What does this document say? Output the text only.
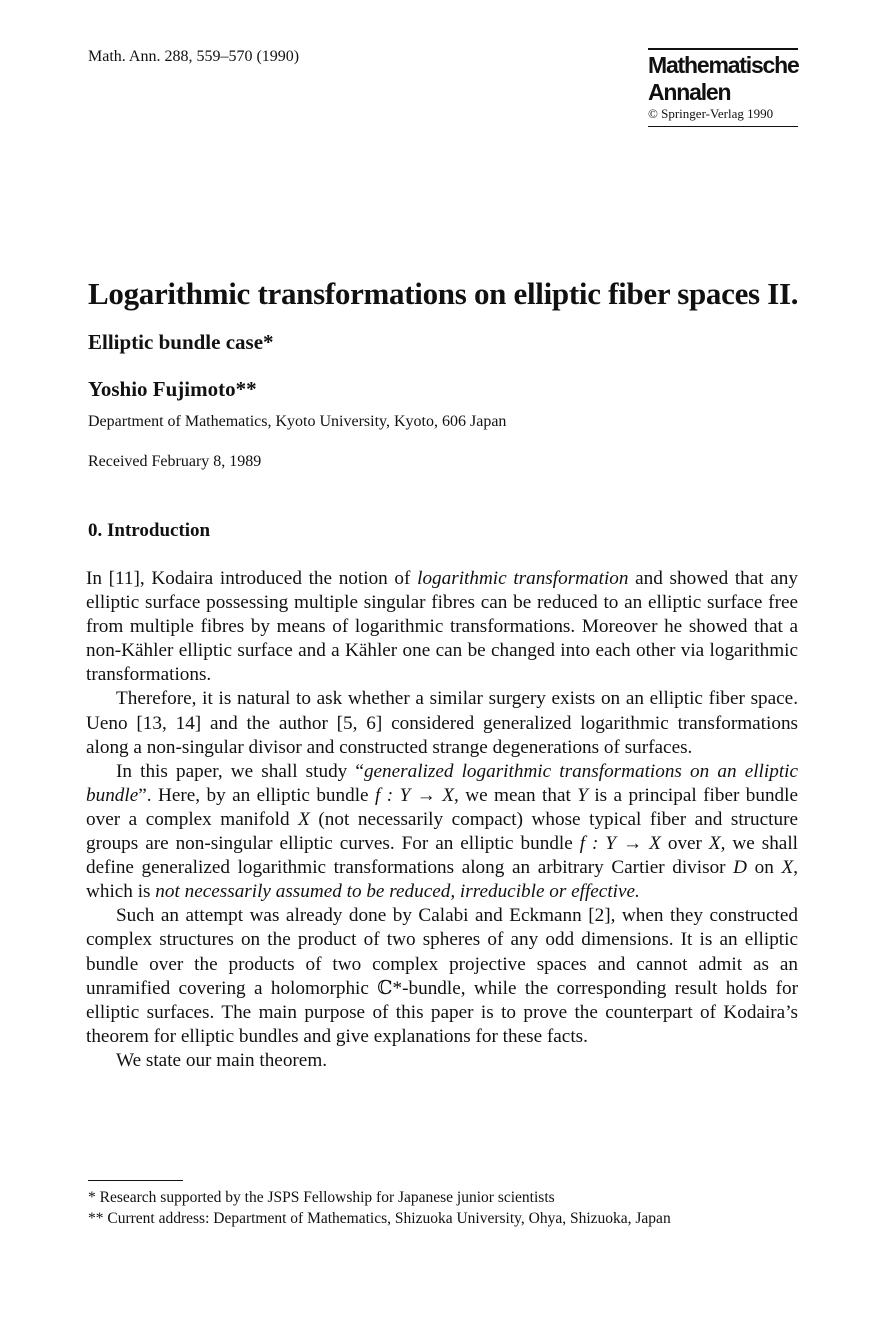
Math. Ann. 288, 559–570 (1990)	Mathematische
Annalen
© Springer-Verlag 1990
Logarithmic transformations on elliptic fiber spaces II.
Elliptic bundle case*
Yoshio Fujimoto**
Department of Mathematics, Kyoto University, Kyoto, 606 Japan
Received February 8, 1989
0. Introduction

In [11], Kodaira introduced the notion of logarithmic transformation and showed that any elliptic surface possessing multiple singular fibres can be reduced to an elliptic surface free from multiple fibres by means of logarithmic transformations. Moreover he showed that a non-Kähler elliptic surface and a Kähler one can be changed into each other via logarithmic transformations.

Therefore, it is natural to ask whether a similar surgery exists on an elliptic fiber space. Ueno [13, 14] and the author [5, 6] considered generalized logarithmic transformations along a non-singular divisor and constructed strange degenerations of surfaces.

In this paper, we shall study “generalized logarithmic transformations on an elliptic bundle”. Here, by an elliptic bundle f : Y → X, we mean that Y is a principal fiber bundle over a complex manifold X (not necessarily compact) whose typical fiber and structure groups are non-singular elliptic curves. For an elliptic bundle f : Y → X over X, we shall define generalized logarithmic transformations along an arbitrary Cartier divisor D on X, which is not necessarily assumed to be reduced, irreducible or effective.

Such an attempt was already done by Calabi and Eckmann [2], when they constructed complex structures on the product of two spheres of any odd dimensions. It is an elliptic bundle over the products of two complex projective spaces and cannot admit as an unramified covering a holomorphic ℂ*-bundle, while the corresponding result holds for elliptic surfaces. The main purpose of this paper is to prove the counterpart of Kodaira’s theorem for elliptic bundles and give explanations for these facts.

We state our main theorem.

* Research supported by the JSPS Fellowship for Japanese junior scientists
** Current address: Department of Mathematics, Shizuoka University, Ohya, Shizuoka, Japan
